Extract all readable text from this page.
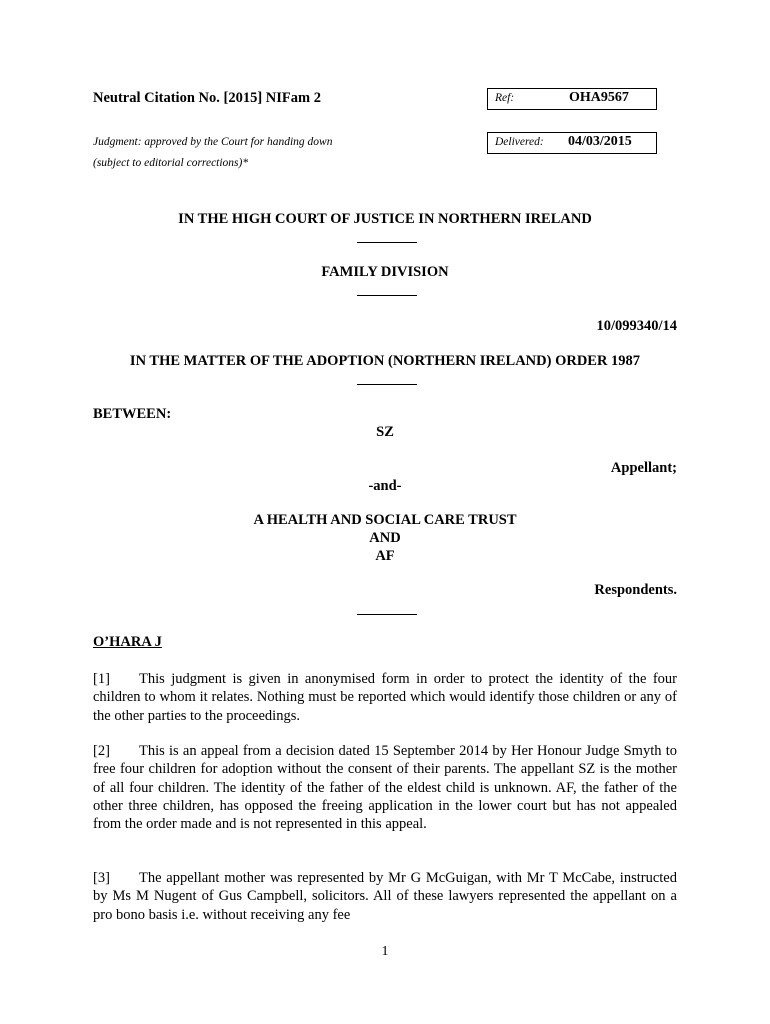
Neutral Citation No. [2015] NIFam 2	Ref:	OHA9567
Judgment: approved by the Court for handing down
(subject to editorial corrections)*
Delivered: 04/03/2015
IN THE HIGH COURT OF JUSTICE IN NORTHERN IRELAND
FAMILY DIVISION
10/099340/14
IN THE MATTER OF THE ADOPTION (NORTHERN IRELAND) ORDER 1987
BETWEEN:
SZ
Appellant;
-and-
A HEALTH AND SOCIAL CARE TRUST
AND
AF
Respondents.
O’HARA J
[1] This judgment is given in anonymised form in order to protect the identity of the four children to whom it relates. Nothing must be reported which would identify those children or any of the other parties to the proceedings.
[2] This is an appeal from a decision dated 15 September 2014 by Her Honour Judge Smyth to free four children for adoption without the consent of their parents. The appellant SZ is the mother of all four children. The identity of the father of the eldest child is unknown. AF, the father of the other three children, has opposed the freeing application in the lower court but has not appealed from the order made and is not represented in this appeal.
[3] The appellant mother was represented by Mr G McGuigan, with Mr T McCabe, instructed by Ms M Nugent of Gus Campbell, solicitors. All of these lawyers represented the appellant on a pro bono basis i.e. without receiving any fee
1
